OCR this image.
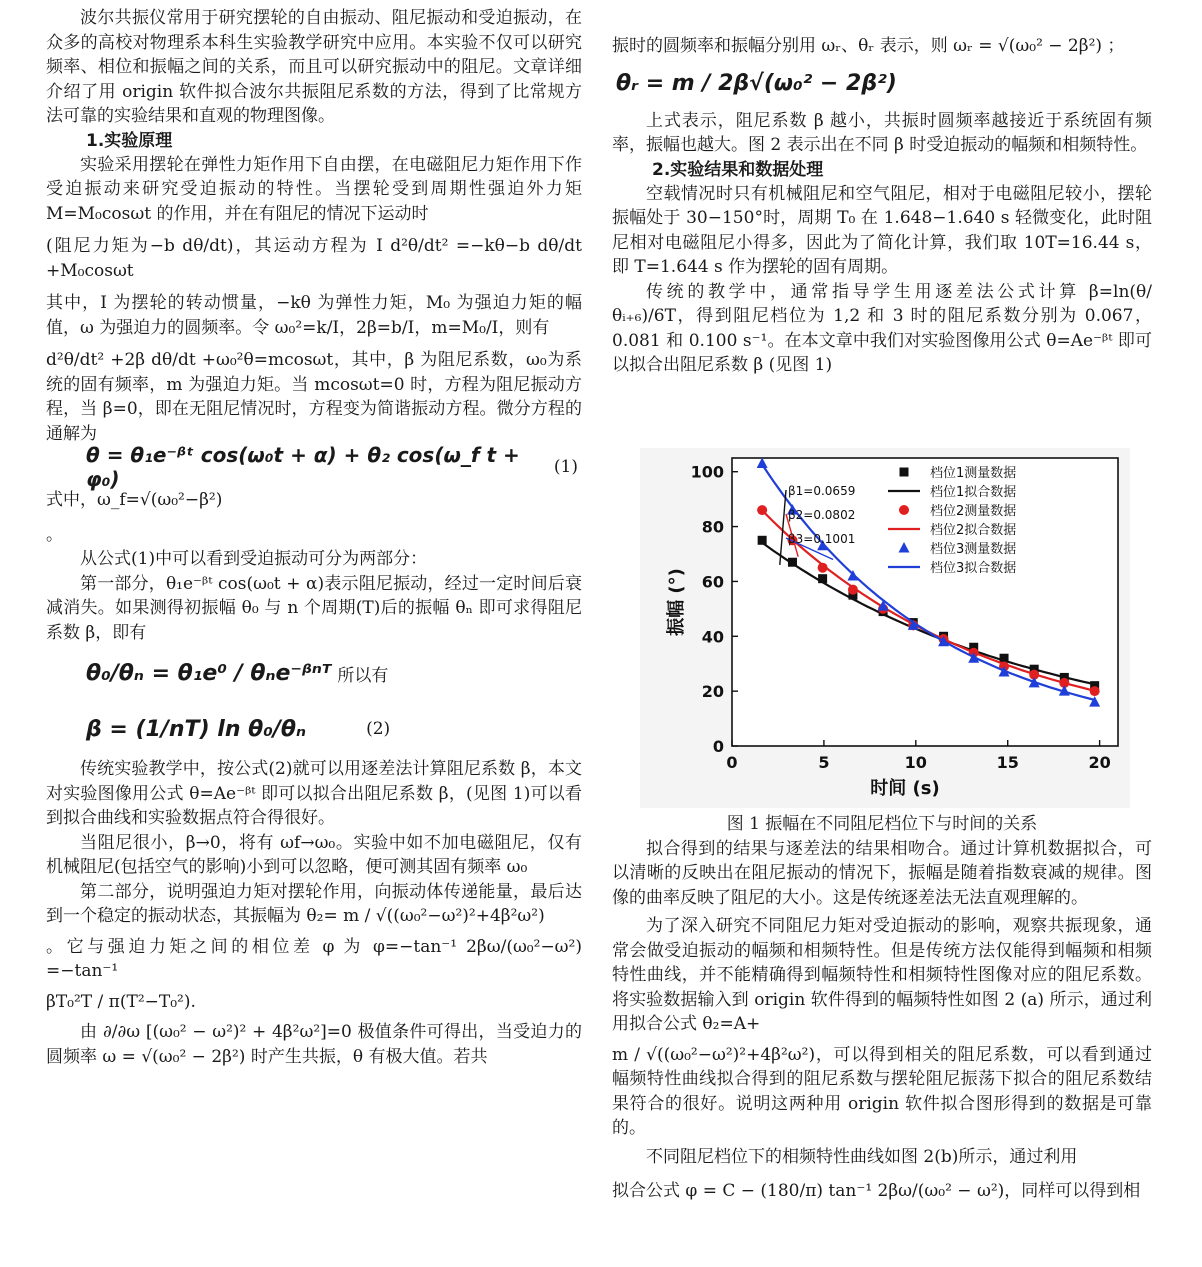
波尔共振仪常用于研究摆轮的自由振动、阻尼振动和受迫振动，在众多的高校对物理系本科生实验教学研究中应用。本实验不仅可以研究频率、相位和振幅之间的关系，而且可以研究振动中的阻尼。文章详细介绍了用 origin 软件拟合波尔共振阻尼系数的方法，得到了比常规方法可靠的实验结果和直观的物理图像。

1.实验原理

实验采用摆轮在弹性力矩作用下自由摆，在电磁阻尼力矩作用下作受迫振动来研究受迫振动的特性。当摆轮受到周期性强迫外力矩 M=M₀cosωt 的作用，并在有阻尼的情况下运动时

(阻尼力矩为−b dθ/dt)，其运动方程为 I d²θ/dt² =−kθ−b dθ/dt +M₀cosωt

其中，I 为摆轮的转动惯量，−kθ 为弹性力矩，M₀ 为强迫力矩的幅值，ω 为强迫力的圆频率。令 ω₀²=k/I，2β=b/I，m=M₀/I，则有

d²θ/dt² +2β dθ/dt +ω₀²θ=mcosωt，其中，β 为阻尼系数，ω₀为系统的固有频率，m 为强迫力矩。当 mcosωt=0 时，方程为阻尼振动方程，当 β=0，即在无阻尼情况时，方程变为简谐振动方程。微分方程的通解为

θ = θ₁e⁻ᵝᵗ cos(ω₀t + α) + θ₂ cos(ω_f t + φ₀)	(1)

式中，ω_f=√(ω₀²−β²)

。

从公式(1)中可以看到受迫振动可分为两部分：

第一部分，θ₁e⁻ᵝᵗ cos(ω₀t + α)表示阻尼振动，经过一定时间后衰减消失。如果测得初振幅 θ₀ 与 n 个周期(T)后的振幅 θₙ 即可求得阻尼系数 β，即有

θ₀/θₙ = θ₁e⁰ / θₙe⁻ᵝⁿᵀ 所以有
β = (1/nT) ln θ₀/θₙ	(2)

传统实验教学中，按公式(2)就可以用逐差法计算阻尼系数 β，本文对实验图像用公式 θ=Ae⁻ᵝᵗ 即可以拟合出阻尼系数 β，(见图 1)可以看到拟合曲线和实验数据点符合得很好。

当阻尼很小，β→0，将有 ωf→ω₀。实验中如不加电磁阻尼，仅有机械阻尼(包括空气的影响)小到可以忽略，便可测其固有频率 ω₀

第二部分，说明强迫力矩对摆轮作用，向振动体传递能量，最后达到一个稳定的振动状态，其振幅为 θ₂= m / √((ω₀²−ω²)²+4β²ω²)

。它与强迫力矩之间的相位差 φ 为 φ=−tan⁻¹ 2βω/(ω₀²−ω²) =−tan⁻¹

βT₀²T / π(T²−T₀²).

由 ∂/∂ω [(ω₀² − ω²)² + 4β²ω²]=0 极值条件可得出，当受迫力的圆频率 ω = √(ω₀² − 2β²) 时产生共振，θ 有极大值。若共

振时的圆频率和振幅分别用 ωᵣ、θᵣ 表示，则 ωᵣ = √(ω₀² − 2β²) ；

θᵣ = m / 2β√(ω₀² − 2β²)

上式表示，阻尼系数 β 越小，共振时圆频率越接近于系统固有频率，振幅也越大。图 2 表示出在不同 β 时受迫振动的幅频和相频特性。

2.实验结果和数据处理

空载情况时只有机械阻尼和空气阻尼，相对于电磁阻尼较小，摆轮振幅处于 30−150°时，周期 T₀ 在 1.648−1.640 s 轻微变化，此时阻尼相对电磁阻尼小得多，因此为了简化计算，我们取 10T=16.44 s，即 T=1.644 s 作为摆轮的固有周期。

传统的教学中，通常指导学生用逐差法公式计算 β=ln(θ/θᵢ₊₆)/6T，得到阻尼档位为 1,2 和 3 时的阻尼系数分别为 0.067，0.081 和 0.100 s⁻¹。在本文章中我们对实验图像用公式 θ=Ae⁻ᵝᵗ 即可以拟合出阻尼系数 β (见图 1)

0	5	10	15	20
0
20
40
60
80
100
时间 (s)
振幅 (°)
β1=0.0659
β2=0.0802
β3=0.1001
档位1测量数据
档位1拟合数据
档位2测量数据
档位2拟合数据
档位3测量数据
档位3拟合数据

图 1 振幅在不同阻尼档位下与时间的关系

拟合得到的结果与逐差法的结果相吻合。通过计算机数据拟合，可以清晰的反映出在阻尼振动的情况下，振幅是随着指数衰减的规律。图像的曲率反映了阻尼的大小。这是传统逐差法无法直观理解的。

为了深入研究不同阻尼力矩对受迫振动的影响，观察共振现象，通常会做受迫振动的幅频和相频特性。但是传统方法仅能得到幅频和相频特性曲线，并不能精确得到幅频特性和相频特性图像对应的阻尼系数。将实验数据输入到 origin 软件得到的幅频特性如图 2 (a) 所示，通过利用拟合公式 θ₂=A+

m / √((ω₀²−ω²)²+4β²ω²)，可以得到相关的阻尼系数，可以看到通过幅频特性曲线拟合得到的阻尼系数与摆轮阻尼振荡下拟合的阻尼系数结果符合的很好。说明这两种用 origin 软件拟合图形得到的数据是可靠的。

不同阻尼档位下的相频特性曲线如图 2(b)所示，通过利用

拟合公式 φ = C − (180/π) tan⁻¹ 2βω/(ω₀² − ω²)，同样可以得到相
